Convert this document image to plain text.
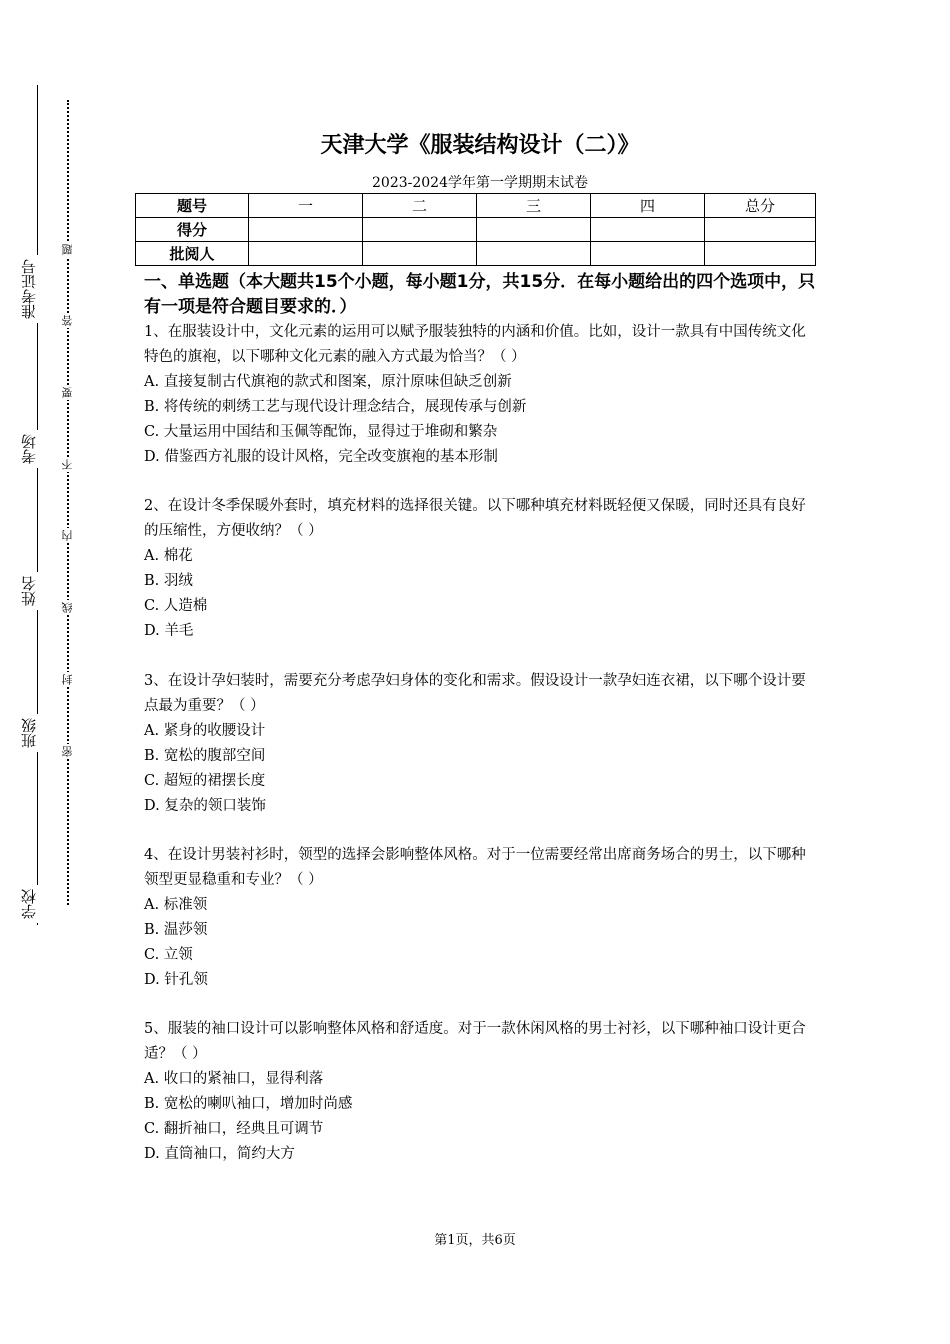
准考证号
考场
姓名
班级
学校
题
答
要
不
内
线
封
密
天津大学《服装结构设计（二）》
2023-2024学年第一学期期末试卷
题号	一	二	三	四	总分
得分					
批阅人					
一、单选题（本大题共15个小题，每小题1分，共15分．在每小题给出的四个选项中，只有一项是符合题目要求的．）

1、在服装设计中，文化元素的运用可以赋予服装独特的内涵和价值。比如，设计一款具有中国传统文化特色的旗袍，以下哪种文化元素的融入方式最为恰当？（ ）

A. 直接复制古代旗袍的款式和图案，原汁原味但缺乏创新

B. 将传统的刺绣工艺与现代设计理念结合，展现传承与创新

C. 大量运用中国结和玉佩等配饰，显得过于堆砌和繁杂

D. 借鉴西方礼服的设计风格，完全改变旗袍的基本形制

2、在设计冬季保暖外套时，填充材料的选择很关键。以下哪种填充材料既轻便又保暖，同时还具有良好的压缩性，方便收纳？（ ）

A. 棉花

B. 羽绒

C. 人造棉

D. 羊毛

3、在设计孕妇装时，需要充分考虑孕妇身体的变化和需求。假设设计一款孕妇连衣裙，以下哪个设计要点最为重要？（ ）

A. 紧身的收腰设计

B. 宽松的腹部空间

C. 超短的裙摆长度

D. 复杂的领口装饰

4、在设计男装衬衫时，领型的选择会影响整体风格。对于一位需要经常出席商务场合的男士，以下哪种领型更显稳重和专业？（ ）

A. 标准领

B. 温莎领

C. 立领

D. 针孔领

5、服装的袖口设计可以影响整体风格和舒适度。对于一款休闲风格的男士衬衫，以下哪种袖口设计更合适？（ ）

A. 收口的紧袖口，显得利落

B. 宽松的喇叭袖口，增加时尚感

C. 翻折袖口，经典且可调节

D. 直筒袖口，简约大方

第1页，共6页
